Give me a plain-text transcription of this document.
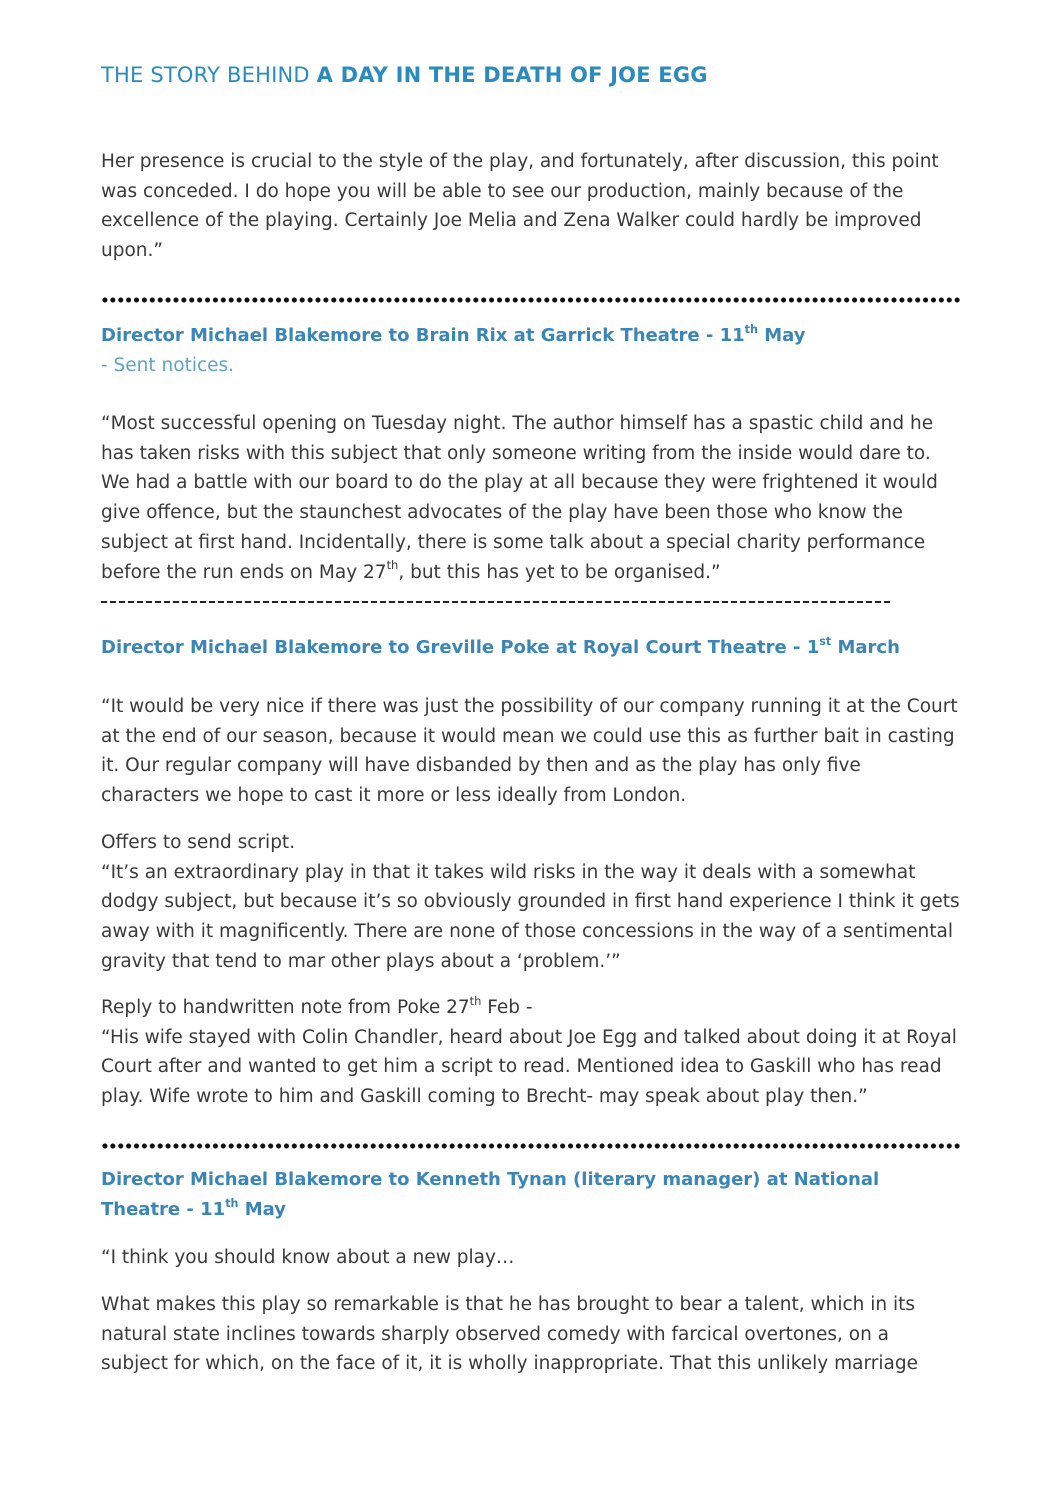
THE STORY BEHIND A DAY IN THE DEATH OF JOE EGG

Her presence is crucial to the style of the play, and fortunately, after discussion, this point was conceded. I do hope you will be able to see our production, mainly because of the excellence of the playing. Certainly Joe Melia and Zena Walker could hardly be improved upon.”

Director Michael Blakemore to Brain Rix at Garrick Theatre - 11th May
- Sent notices.

“Most successful opening on Tuesday night. The author himself has a spastic child and he has taken risks with this subject that only someone writing from the inside would dare to. We had a battle with our board to do the play at all because they were frightened it would give offence, but the staunchest advocates of the play have been those who know the subject at first hand. Incidentally, there is some talk about a special charity performance before the run ends on May 27th, but this has yet to be organised.”

Director Michael Blakemore to Greville Poke at Royal Court Theatre - 1st March

“It would be very nice if there was just the possibility of our company running it at the Court at the end of our season, because it would mean we could use this as further bait in casting it. Our regular company will have disbanded by then and as the play has only five characters we hope to cast it more or less ideally from London.

Offers to send script.

“It’s an extraordinary play in that it takes wild risks in the way it deals with a somewhat dodgy subject, but because it’s so obviously grounded in first hand experience I think it gets away with it magnificently. There are none of those concessions in the way of a sentimental gravity that tend to mar other plays about a ‘problem.’”

Reply to handwritten note from Poke 27th Feb -

“His wife stayed with Colin Chandler, heard about Joe Egg and talked about doing it at Royal Court after and wanted to get him a script to read. Mentioned idea to Gaskill who has read play. Wife wrote to him and Gaskill coming to Brecht- may speak about play then.”

Director Michael Blakemore to Kenneth Tynan (literary manager) at National Theatre - 11th May

“I think you should know about a new play…

What makes this play so remarkable is that he has brought to bear a talent, which in its natural state inclines towards sharply observed comedy with farcical overtones, on a subject for which, on the face of it, it is wholly inappropriate. That this unlikely marriage
